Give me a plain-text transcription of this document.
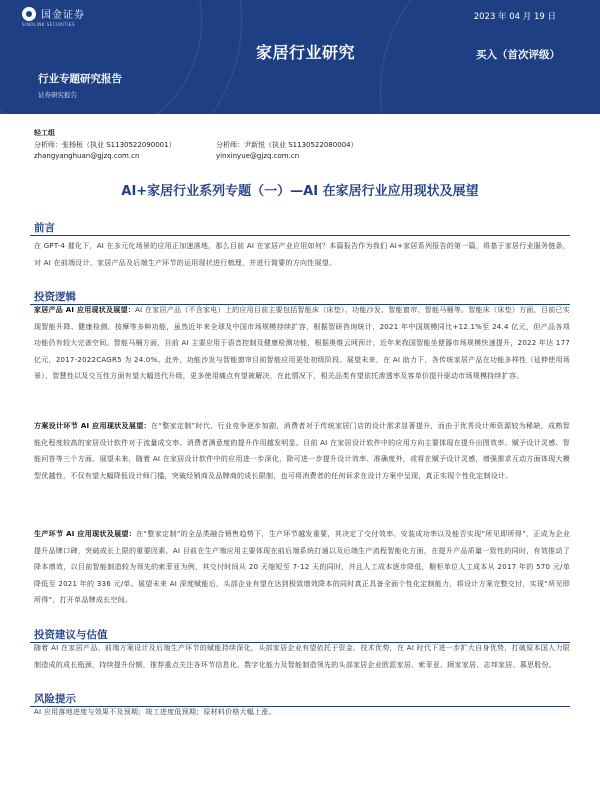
国金证券
SINOLINK SECURITIES
2023 年 04 月 19 日
家居行业研究	买入（首次评级）
行业专题研究报告
证券研究报告
轻工组
分析师：张杨桓（执业 S1130522090001）
zhangyanghuan@gjzq.com.cn
分析师：尹新悦（执业 S1130522080004）
yinxinyue@gjzq.com.cn
AI+家居行业系列专题（一）—AI 在家居行业应用现状及展望
前言
在 GPT-4 催化下，AI 在多元化场景的应用正加速落地，那么目前 AI 在家居产业应用如何？本篇报告作为我们 AI+家居系列报告的第一篇，将基于家居行业服务链条，对 AI 在前端设计、家居产品及后端生产环节的运用现状进行梳理，并进行简要的方向性展望。
投资逻辑
家居产品 AI 应用现状及展望：AI 在家居产品（不含家电）上的应用目前主要包括智能床（床垫）、功能沙发、智能窗帘、智能马桶等。智能床（床垫）方面，目前已实现智能升降、健康检测、按摩等多种功能，虽然近年来全球及中国市场规模持续扩容，根据智研咨询统计，2021 年中国规模同比+12.1%至 24.4 亿元，但产品各项功能仍有较大完善空间。智能马桶方面，目前 AI 主要应用于语音控制及健康检测功能，根据奥维云网预计，近年来我国智能坐便器市场规模快速提升，2022 年达 177 亿元，2017-2022CAGR5 为 24.0%。此外，功能沙发与智能窗帘目前智能应用更处初级阶段。展望未来，在 AI 助力下，各传统家居产品在功能多样性（延伸使用场景）、智慧性以及交互性方面有望大幅迭代升级，更多使用痛点有望被解决，在此情况下，相关品类有望依托渗透率及客单价提升驱动市场规模持续扩容。
方案设计环节 AI 应用现状及展望：在“整家定制”时代，行业竞争逐步加剧，消费者对于传统家居门店的设计需求显著提升，而由于优秀设计师资源较为稀缺，成熟智能化程度较高的家居设计软件对于流量成交率、消费者满意度的提升作用越发明显。目前 AI 在家居设计软件中的应用方向主要体现在提升出图效率、赋予设计灵感、智能问答等三个方面。展望未来，随着 AI 在家居设计软件中的应用进一步深化，除可进一步提升设计效率、准确度外，或将在赋予设计灵感，增强需求互动方面体现大模型优越性，不仅有望大幅降低设计师门槛，突破经销商及品牌商的成长限制，也可将消费者的任何诉求在设计方案中呈现，真正实现个性化定制设计。
生产环节 AI 应用现状及展望：在“整家定制”的全品类融合销售趋势下，生产环节越发重要，其决定了交付效率、安装成功率以及能否实现“所见即所得”，正成为企业提升品牌口碑，突破成长上限的重要因素。AI 目前在生产端应用主要体现在前后端系统打通以及后端生产流程智能化方面，在提升产品质量一致性的同时，有效推动了降本增效，以目前智能制造较为领先的索菲亚为例，其交付时间从 20 天缩短至 7-12 天的同时，并且人工成本逐步降低，橱柜单位人工成本从 2017 年的 570 元/单降低至 2021 年的 336 元/单。展望未来 AI 深度赋能后，头部企业有望在达到极致增效降本的同时真正具备全面个性化定制能力，将设计方案完整交付，实现“所见即所得”，打开单品牌成长空间。
投资建议与估值
随着 AI 在家居产品、前端方案设计及后端生产环节的赋能持续深化，头部家居企业有望依托于资金、技术优势，在 AI 时代下进一步扩大自身优势，打破原本国人力限制造成的成长瓶颈，持续提升份额，推荐重点关注各环节信息化、数字化能力及智能制造领先的头部家居企业欧派家居、索菲亚、顾家家居、志邦家居、慕思股份。
风险提示
AI 应用落地进度与效果不及预期；竣工进度低预期；原材料价格大幅上涨。
